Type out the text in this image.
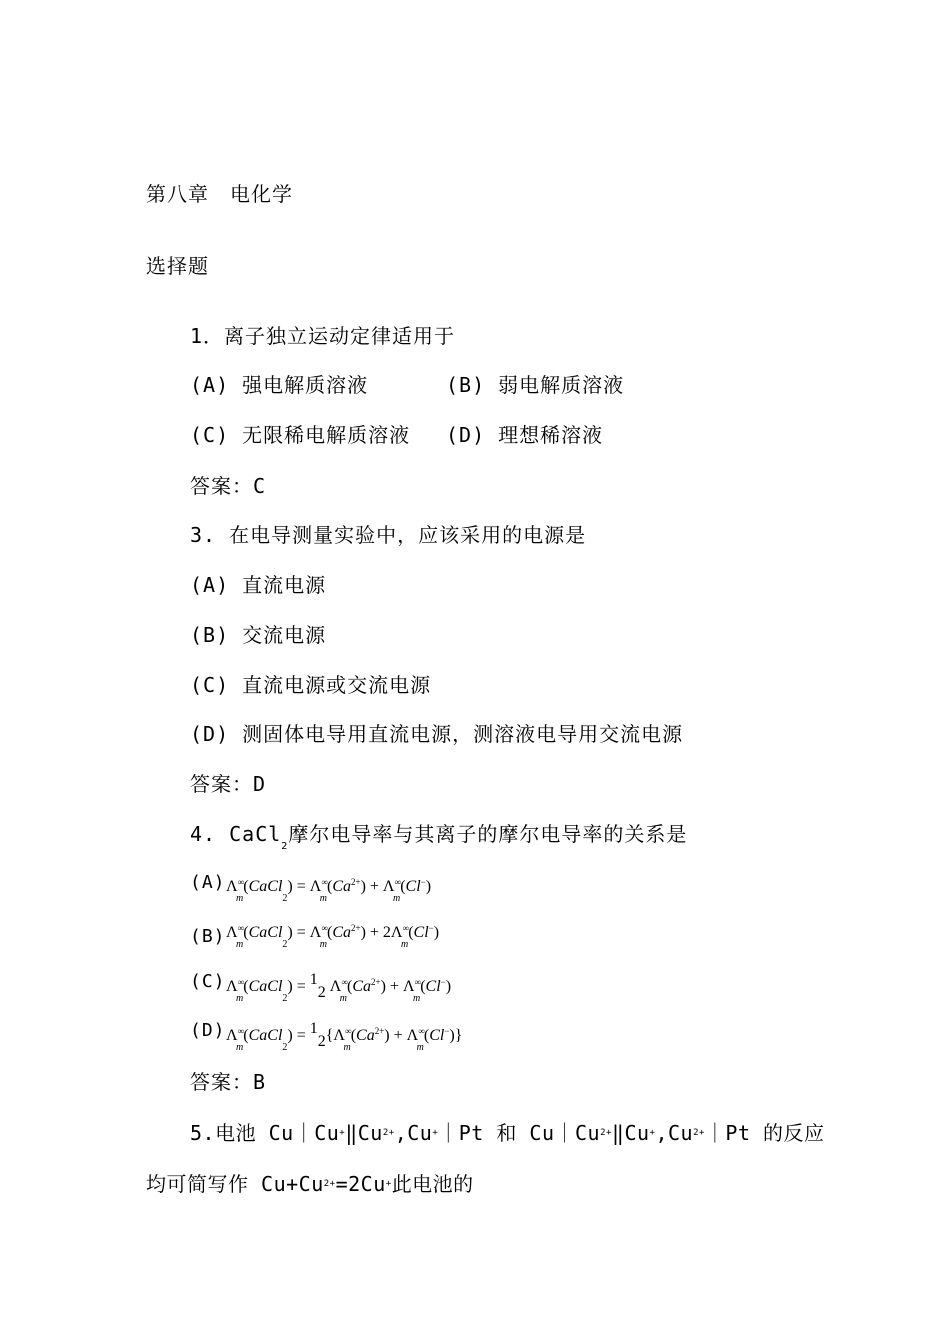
第八章　电化学
选择题
1．离子独立运动定律适用于
(A) 强电解质溶液	(B) 弱电解质溶液
(C) 无限稀电解质溶液 (D) 理想稀溶液
答案：C
3. 在电导测量实验中，应该采用的电源是
(A) 直流电源
(B) 交流电源
(C) 直流电源或交流电源
(D) 测固体电导用直流电源，测溶液电导用交流电源
答案：D
4. CaCl$_2$摩尔电导率与其离子的摩尔电导率的关系是
(A) $\Lambda^\infty_m(CaCl_2) = \Lambda^\infty_m(Ca^{2+}) + \Lambda^\infty_m(Cl^-)$
(B) $\Lambda^\infty_m(CaCl_2) = \Lambda^\infty_m(Ca^{2+}) + 2\Lambda^\infty_m(Cl^-)$
(C) $\Lambda^\infty_m(CaCl_2) = 12$ $\Lambda^\infty_m(Ca^{2+}) + \Lambda^\infty_m(Cl^-)$
(D) $\Lambda^\infty_m(CaCl_2) = 12\{\Lambda^\infty_m(Ca^{2+}) + \Lambda^\infty_m(Cl^-)\}$
答案：B
5.电池 $Cu|Cu^+‖Cu^{2+},Cu^+|Pt$ 和 $Cu|Cu^{2+}‖Cu^+,Cu^{2+}|Pt$ 的反应
均可简写作 $Cu+Cu^{2+}=2Cu^+$此电池的
